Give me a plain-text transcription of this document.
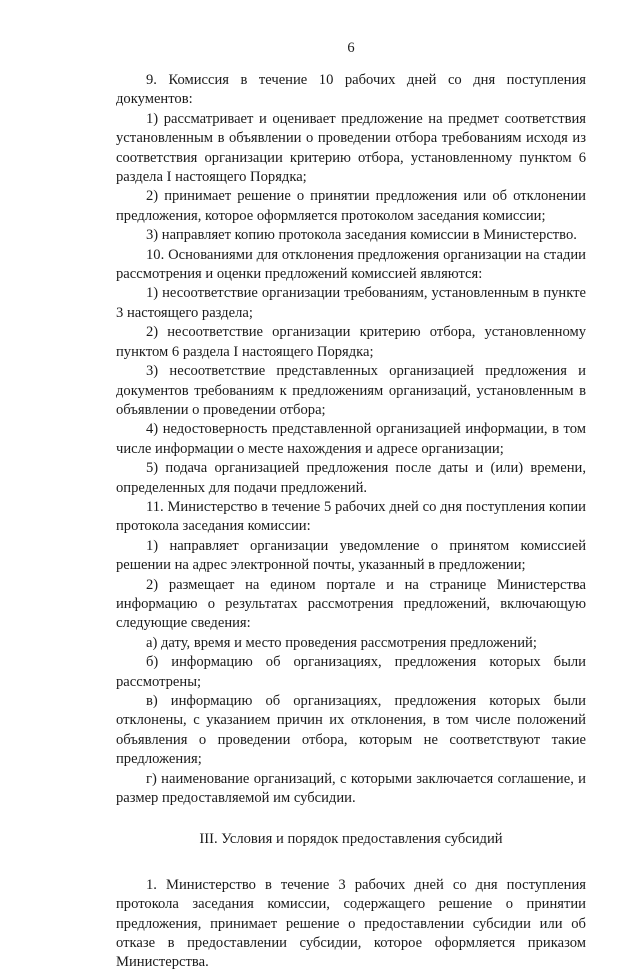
6

9. Комиссия в течение 10 рабочих дней со дня поступления документов:

1) рассматривает и оценивает предложение на предмет соответствия установленным в объявлении о проведении отбора требованиям исходя из соответствия организации критерию отбора, установленному пунктом 6 раздела I настоящего Порядка;

2) принимает решение о принятии предложения или об отклонении предложения, которое оформляется протоколом заседания комиссии;

3) направляет копию протокола заседания комиссии в Министерство.

10. Основаниями для отклонения предложения организации на стадии рассмотрения и оценки предложений комиссией являются:

1) несоответствие организации требованиям, установленным в пункте 3 настоящего раздела;

2) несоответствие организации критерию отбора, установленному пунктом 6 раздела I настоящего Порядка;

3) несоответствие представленных организацией предложения и документов требованиям к предложениям организаций, установленным в объявлении о проведении отбора;

4) недостоверность представленной организацией информации, в том числе информации о месте нахождения и адресе организации;

5) подача организацией предложения после даты и (или) времени, определенных для подачи предложений.

11. Министерство в течение 5 рабочих дней со дня поступления копии протокола заседания комиссии:

1) направляет организации уведомление о принятом комиссией решении на адрес электронной почты, указанный в предложении;

2) размещает на едином портале и на странице Министерства информацию о результатах рассмотрения предложений, включающую следующие сведения:

а) дату, время и место проведения рассмотрения предложений;

б) информацию об организациях, предложения которых были рассмотрены;

в) информацию об организациях, предложения которых были отклонены, с указанием причин их отклонения, в том числе положений объявления о проведении отбора, которым не соответствуют такие предложения;

г) наименование организаций, с которыми заключается соглашение, и размер предоставляемой им субсидии.

III. Условия и порядок предоставления субсидий

1. Министерство в течение 3 рабочих дней со дня поступления протокола заседания комиссии, содержащего решение о принятии предложения, принимает решение о предоставлении субсидии или об отказе в предоставлении субсидии, которое оформляется приказом Министерства.
